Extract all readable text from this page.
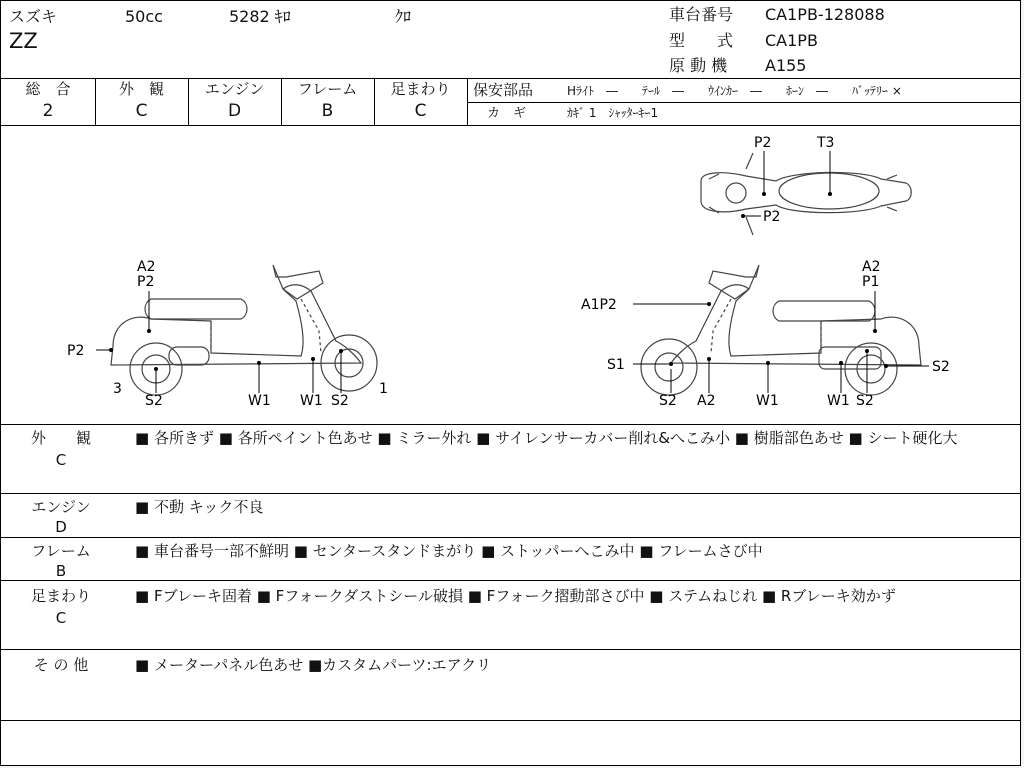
スズキ	50cc	5282 ｷﾛ	ｸﾛ
ZZ
車台番号 CA1PB-128088
型　　式 CA1PB
原 動 機 A155
総　合
2
外　観
C
エンジン
D
フレーム
B
足まわり
C
保安部品	Hﾗｲﾄ　―　　ﾃｰﾙ　―　　ｳｲﾝｶｰ　―　　ﾎｰﾝ　―　　ﾊﾞｯﾃﾘｰ ×
カ　ギ	ｶｷﾞ 1　ｼｬｯﾀｰｷｰ1
P2	T3
P2
A2
P2
P2
3
S2	W1 W1 S2
1
A2
P1
A1P2
S1	S2
S2 A2	W1	W1 S2
外　　観
C
■ 各所きず ■ 各所ペイント色あせ ■ ミラー外れ ■ サイレンサーカバー削れ&へこみ小 ■ 樹脂部色あせ ■ シート硬化大
エンジン
D
■ 不動 キック不良
フレーム
B
■ 車台番号一部不鮮明 ■ センタースタンドまがり ■ ストッパーへこみ中 ■ フレームさび中
足まわり
C
■ Fブレーキ固着 ■ Fフォークダストシール破損 ■ Fフォーク摺動部さび中 ■ ステムねじれ ■ Rブレーキ効かず
そ の 他	■ メーターパネル色あせ ■カスタムパーツ:エアクリ
